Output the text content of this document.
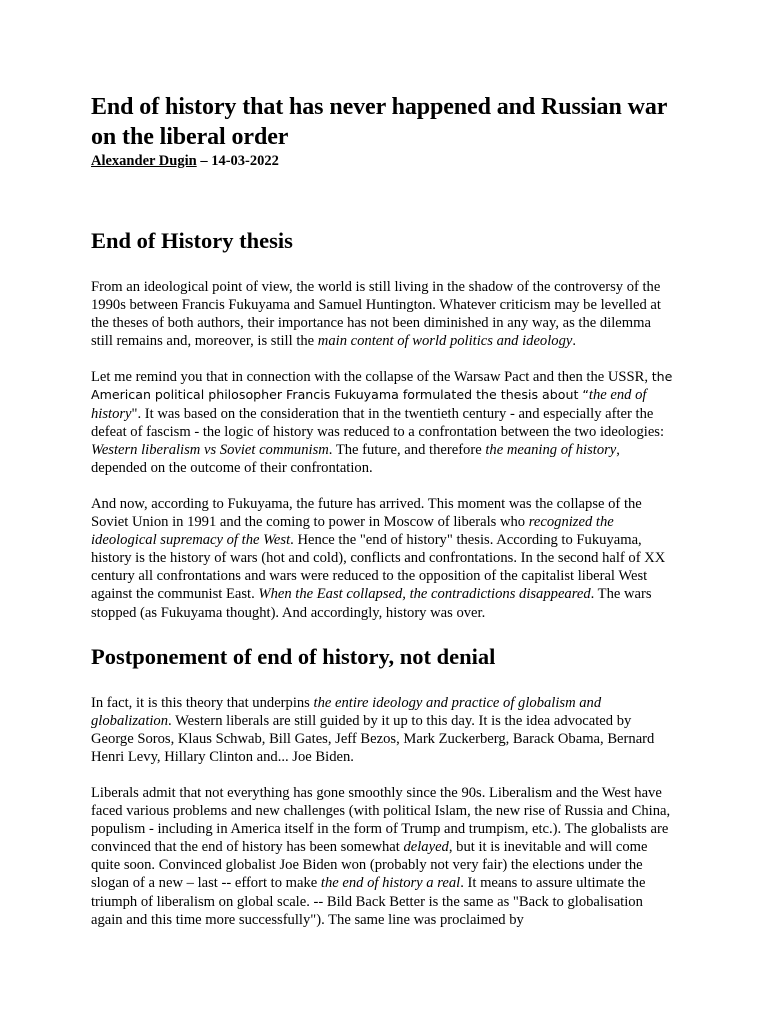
End of history that has never happened and Russian war on the liberal order

Alexander Dugin – 14-03-2022

End of History thesis

From an ideological point of view, the world is still living in the shadow of the controversy of the 1990s between Francis Fukuyama and Samuel Huntington. Whatever criticism may be levelled at the theses of both authors, their importance has not been diminished in any way, as the dilemma still remains and, moreover, is still the main content of world politics and ideology.

Let me remind you that in connection with the collapse of the Warsaw Pact and then the USSR, the American political philosopher Francis Fukuyama formulated the thesis about “the end of history". It was based on the consideration that in the twentieth century - and especially after the defeat of fascism - the logic of history was reduced to a confrontation between the two ideologies: Western liberalism vs Soviet communism. The future, and therefore the meaning of history, depended on the outcome of their confrontation.

And now, according to Fukuyama, the future has arrived. This moment was the collapse of the Soviet Union in 1991 and the coming to power in Moscow of liberals who recognized the ideological supremacy of the West. Hence the "end of history" thesis. According to Fukuyama, history is the history of wars (hot and cold), conflicts and confrontations. In the second half of XX century all confrontations and wars were reduced to the opposition of the capitalist liberal West against the communist East. When the East collapsed, the contradictions disappeared. The wars stopped (as Fukuyama thought). And accordingly, history was over.

Postponement of end of history, not denial

In fact, it is this theory that underpins the entire ideology and practice of globalism and globalization. Western liberals are still guided by it up to this day. It is the idea advocated by George Soros, Klaus Schwab, Bill Gates, Jeff Bezos, Mark Zuckerberg, Barack Obama, Bernard Henri Levy, Hillary Clinton and... Joe Biden.

Liberals admit that not everything has gone smoothly since the 90s. Liberalism and the West have faced various problems and new challenges (with political Islam, the new rise of Russia and China, populism - including in America itself in the form of Trump and trumpism, etc.). The globalists are convinced that the end of history has been somewhat delayed, but it is inevitable and will come quite soon. Convinced globalist Joe Biden won (probably not very fair) the elections under the slogan of a new – last -- effort to make the end of history a real. It means to assure ultimate the triumph of liberalism on global scale. -- Bild Back Better is the same as "Back to globalisation again and this time more successfully"). The same line was proclaimed by
